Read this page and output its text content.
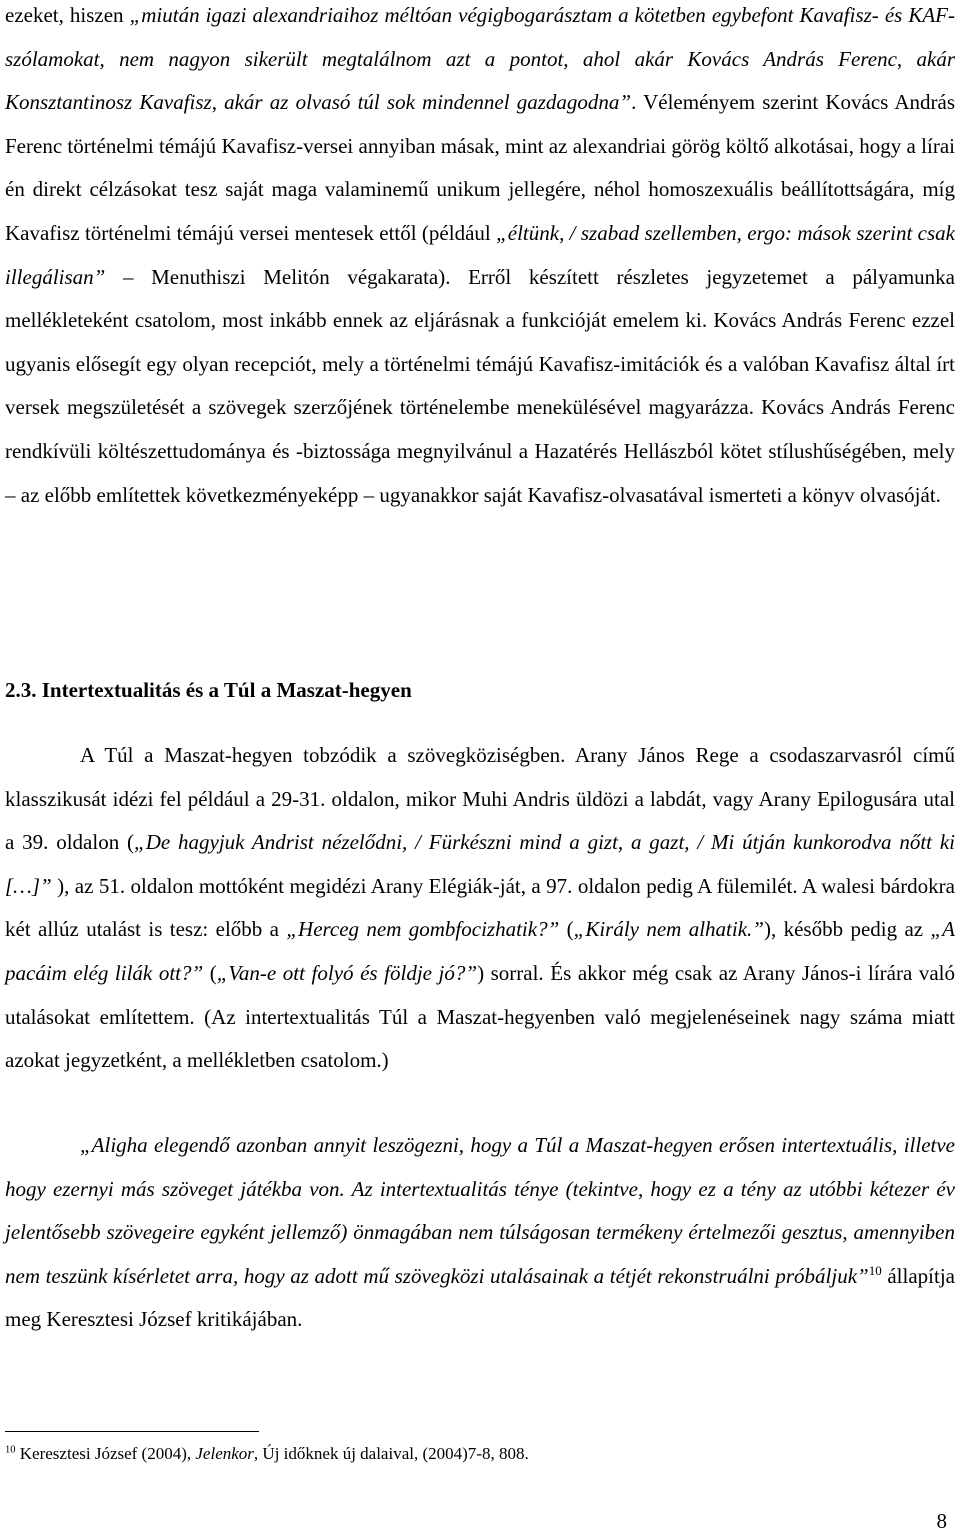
ezeket, hiszen „miután igazi alexandriaihoz méltóan végigbogarásztam a kötetben egybefont Kavafisz- és KAF-szólamokat, nem nagyon sikerült megtalálnom azt a pontot, ahol akár Kovács András Ferenc, akár Konsztantinosz Kavafisz, akár az olvasó túl sok mindennel gazdagodna”. Véleményem szerint Kovács András Ferenc történelmi témájú Kavafisz-versei annyiban másak, mint az alexandriai görög költő alkotásai, hogy a lírai én direkt célzásokat tesz saját maga valaminemű unikum jellegére, néhol homoszexuális beállítottságára, míg Kavafisz történelmi témájú versei mentesek ettől (például „éltünk, / szabad szellemben, ergo: mások szerint csak illegálisan” – Menuthiszi Melitón végakarata). Erről készített részletes jegyzetemet a pályamunka mellékleteként csatolom, most inkább ennek az eljárásnak a funkcióját emelem ki. Kovács András Ferenc ezzel ugyanis elősegít egy olyan recepciót, mely a történelmi témájú Kavafisz-imitációk és a valóban Kavafisz által írt versek megszületését a szövegek szerzőjének történelembe menekülésével magyarázza. Kovács András Ferenc rendkívüli költészettudománya és -biztossága megnyilvánul a Hazatérés Hellászból kötet stílushűségében, mely – az előbb említettek következményeképp – ugyanakkor saját Kavafisz-olvasatával ismerteti a könyv olvasóját.

2.3. Intertextualitás és a Túl a Maszat-hegyen

A Túl a Maszat-hegyen tobzódik a szövegköziségben. Arany János Rege a csodaszarvasról című klasszikusát idézi fel például a 29-31. oldalon, mikor Muhi Andris üldözi a labdát, vagy Arany Epilogusára utal a 39. oldalon („De hagyjuk Andrist nézelődni, / Fürkészni mind a gizt, a gazt, / Mi útján kunkorodva nőtt ki […]” ), az 51. oldalon mottóként megidézi Arany Elégiák-ját, a 97. oldalon pedig A fülemilét. A walesi bárdokra két allúz utalást is tesz: előbb a „Herceg nem gombfocizhatik?” („Király nem alhatik.”), később pedig az „A pacáim elég lilák ott?” („Van-e ott folyó és földje jó?”) sorral. És akkor még csak az Arany János-i lírára való utalásokat említettem. (Az intertextualitás Túl a Maszat-hegyenben való megjelenéseinek nagy száma miatt azokat jegyzetként, a mellékletben csatolom.)

„Aligha elegendő azonban annyit leszögezni, hogy a Túl a Maszat-hegyen erősen intertextuális, illetve hogy ezernyi más szöveget játékba von. Az intertextualitás ténye (tekintve, hogy ez a tény az utóbbi kétezer év jelentősebb szövegeire egyként jellemző) önmagában nem túlságosan termékeny értelmezői gesztus, amennyiben nem teszünk kísérletet arra, hogy az adott mű szövegközi utalásainak a tétjét rekonstruálni próbáljuk”$^{10}$ állapítja meg Keresztesi József kritikájában.

$^{10}$ Keresztesi József (2004), Jelenkor, Új időknek új dalaival, (2004)7-8, 808.

8
